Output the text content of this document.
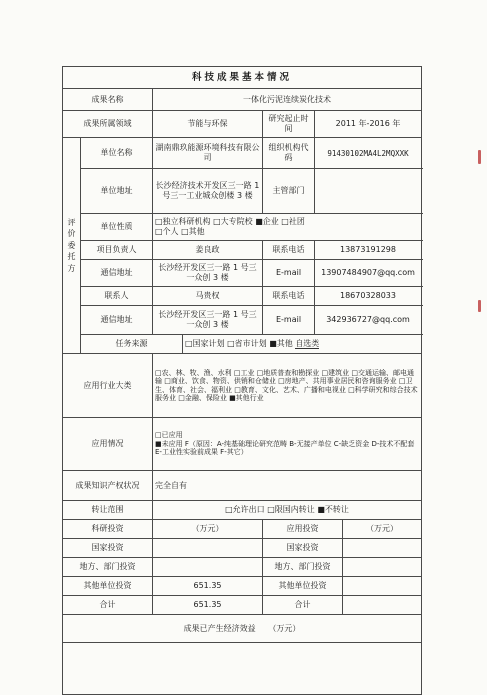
科技成果基本情况						
成果名称		一体化污泥连续炭化技术				
成果所属领域		节能与环保		研究起止时间	2011 年-2016 年	
评
价
委
托
方	单位名称	湖南鼎玖能源环境科技有限公司		组织机构代码	91430102MA4L2MQXXK	
	单位地址	长沙经济技术开发区三一路 1 号三一工业城众创楼 3 楼		主管部门		
	单位性质	□独立科研机构 □大专院校 ■企业 □社团
□个人 □其他				

	项目负责人	姜良政		联系电话	13873191298	
	通信地址	长沙经开发区三一路 1 号三一众创 3 楼		E-mail	13907484907@qq.com	
	联系人	马贵权		联系电话	18670328033	
	通信地址	长沙经开发区三一路 1 号三一众创 3 楼		E-mail	342936727@qq.com	
	任务来源		□国家计划 □省市计划 ■其他 自选类			
应用行业大类		□农、林、牧、渔、水利 □工业 □地质普查和勘探业 □建筑业 □交通运输、邮电通输 □商业、饮食、物资、供销和仓储业 □房地产、共用事业居民和咨询服务业 □卫生、体育、社会、福利业 □教育、文化、艺术、广播和电视业 □科学研究和综合技术服务业 □金融、保险业 ■其他行业				
应用情况		□已应用
■未应用 F（原因：A-纯基础理论研究范畴 B-无接产单位 C-缺乏资金 D-技术不配套 E-工业性实验前成果 F-其它）				

成果知识产权状况		完全自有				
转让范围		□允许出口 □限国内转让 ■不转让				
科研投资		（万元）		应用投资		（万元）
国家投资				国家投资		
地方、部门投资				地方、部门投资		
其他单位投资		651.35		其他单位投资		
合计		651.35		合计		
成果已产生经济效益 （万元）						
